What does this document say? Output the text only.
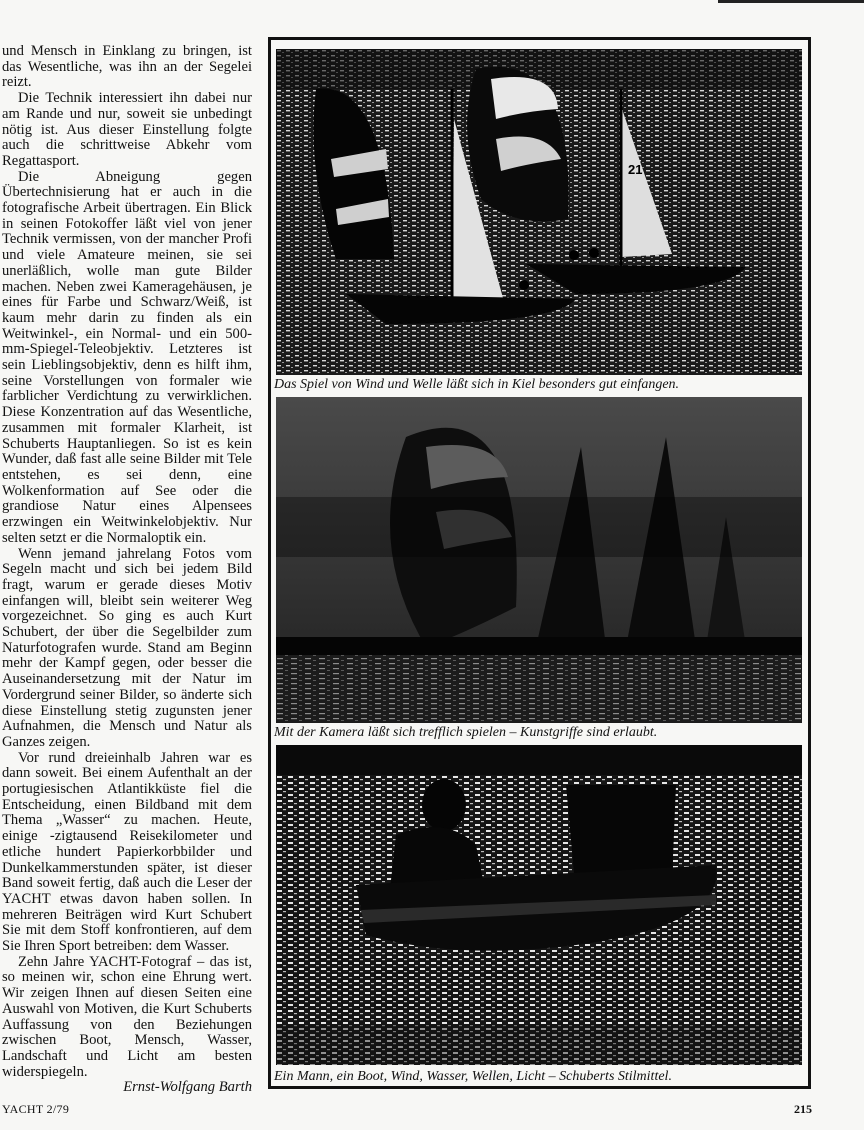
und Mensch in Einklang zu bringen, ist das Wesentliche, was ihn an der Segelei reizt.

Die Technik interessiert ihn dabei nur am Rande und nur, soweit sie unbedingt nötig ist. Aus dieser Einstellung folgte auch die schrittweise Abkehr vom Regattasport.

Die Abneigung gegen Übertechnisierung hat er auch in die fotografische Arbeit übertragen. Ein Blick in seinen Fotokoffer läßt viel von jener Technik vermissen, von der mancher Profi und viele Amateure meinen, sie sei unerläßlich, wolle man gute Bilder machen. Neben zwei Kameragehäusen, je eines für Farbe und Schwarz/Weiß, ist kaum mehr darin zu finden als ein Weitwinkel-, ein Normal- und ein 500-mm-Spiegel-Teleobjektiv. Letzteres ist sein Lieblingsobjektiv, denn es hilft ihm, seine Vorstellungen von formaler wie farblicher Verdichtung zu verwirklichen. Diese Konzentration auf das Wesentliche, zusammen mit formaler Klarheit, ist Schuberts Hauptanliegen. So ist es kein Wunder, daß fast alle seine Bilder mit Tele entstehen, es sei denn, eine Wolkenformation auf See oder die grandiose Natur eines Alpensees erzwingen ein Weitwinkelobjektiv. Nur selten setzt er die Normaloptik ein.

Wenn jemand jahrelang Fotos vom Segeln macht und sich bei jedem Bild fragt, warum er gerade dieses Motiv einfangen will, bleibt sein weiterer Weg vorgezeichnet. So ging es auch Kurt Schubert, der über die Segelbilder zum Naturfotografen wurde. Stand am Beginn mehr der Kampf gegen, oder besser die Auseinandersetzung mit der Natur im Vordergrund seiner Bilder, so änderte sich diese Einstellung stetig zugunsten jener Aufnahmen, die Mensch und Natur als Ganzes zeigen.

Vor rund dreieinhalb Jahren war es dann soweit. Bei einem Aufenthalt an der portugiesischen Atlantikküste fiel die Entscheidung, einen Bildband mit dem Thema „Wasser“ zu machen. Heute, einige -zigtausend Reisekilometer und etliche hundert Papierkorbbilder und Dunkelkammerstunden später, ist dieser Band soweit fertig, daß auch die Leser der YACHT etwas davon haben sollen. In mehreren Beiträgen wird Kurt Schubert Sie mit dem Stoff konfrontieren, auf dem Sie Ihren Sport betreiben: dem Wasser.

Zehn Jahre YACHT-Fotograf – das ist, so meinen wir, schon eine Ehrung wert. Wir zeigen Ihnen auf diesen Seiten eine Auswahl von Motiven, die Kurt Schuberts Auffassung von den Beziehungen zwischen Boot, Mensch, Wasser, Landschaft und Licht am besten widerspiegeln.

Ernst-Wolfgang Barth

21
Das Spiel von Wind und Welle läßt sich in Kiel besonders gut einfangen.
Mit der Kamera läßt sich trefflich spielen – Kunstgriffe sind erlaubt.
Ein Mann, ein Boot, Wind, Wasser, Wellen, Licht – Schuberts Stilmittel.
YACHT 2/79	215
